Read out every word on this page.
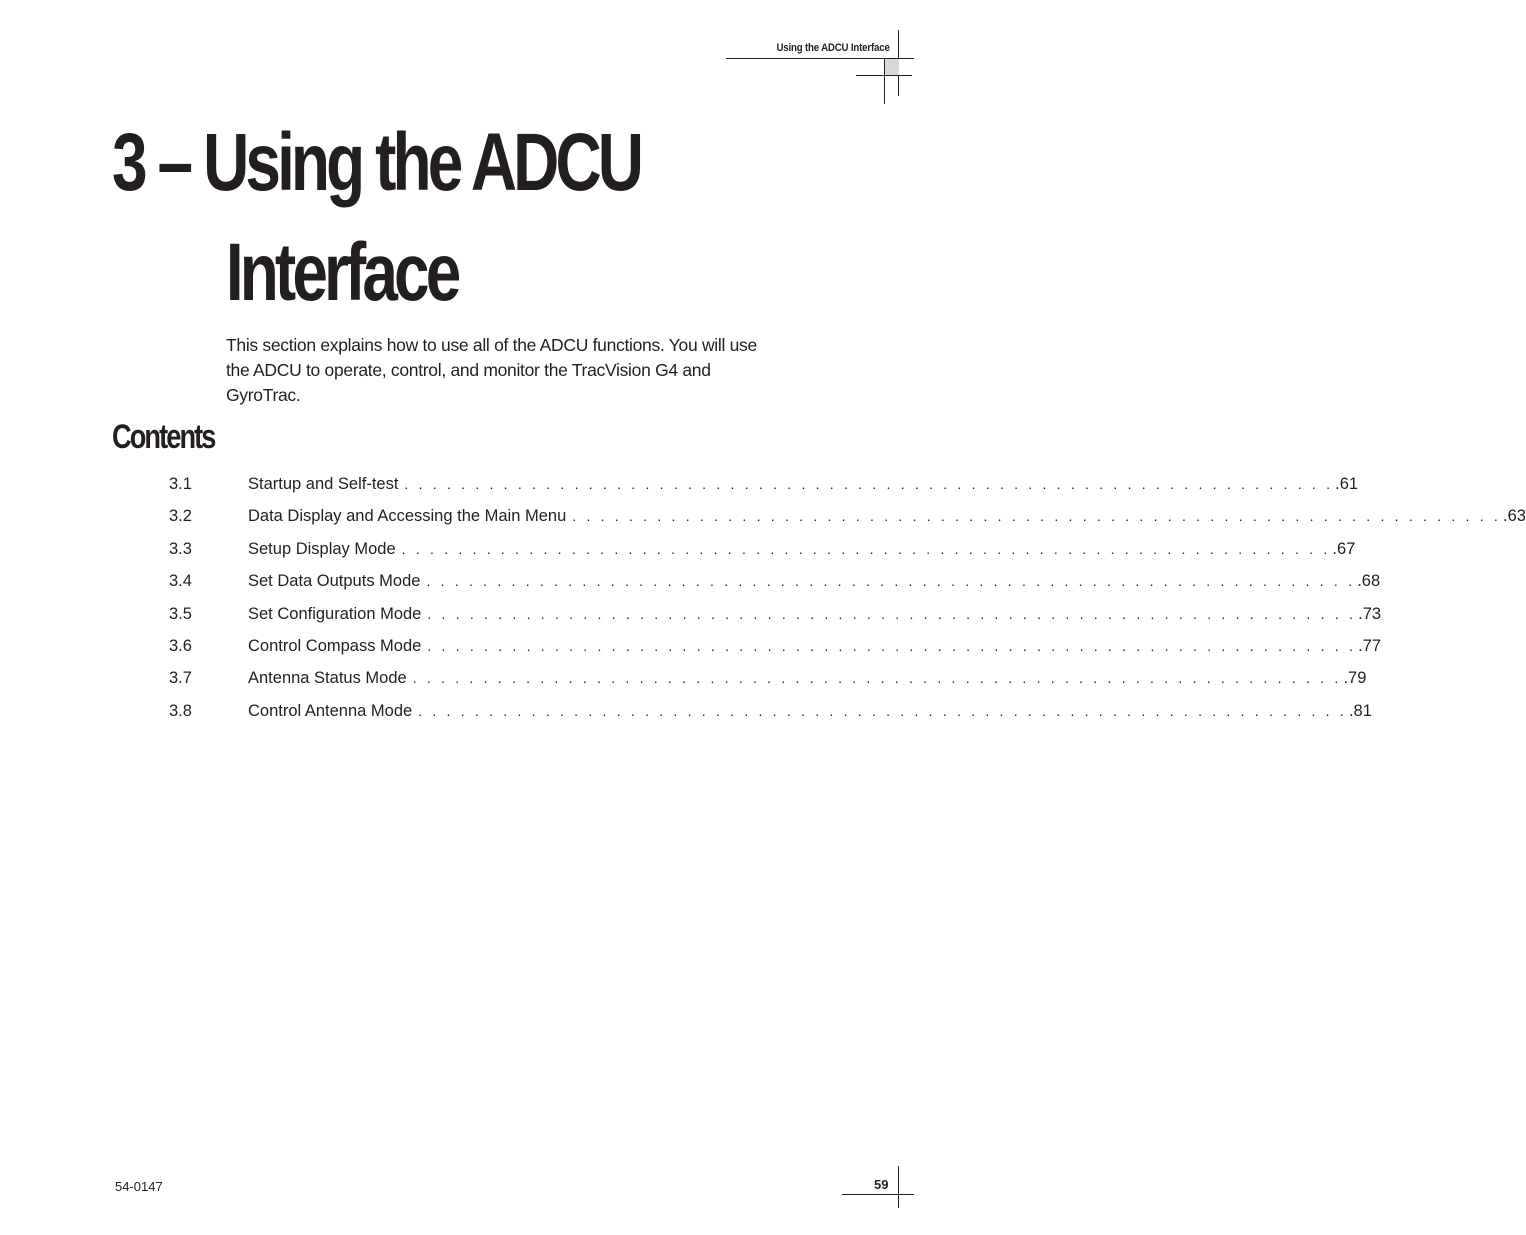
Using the ADCU Interface
3 – Using the ADCU
Interface

This section explains how to use all of the ADCU functions. You will use the ADCU to operate, control, and monitor the TracVision G4 and GyroTrac.

Contents
3.1	Startup and Self-test . . . . . . . . . . . . . . . . . . . . . . . . . . . . . . . . . . . . . . . . . . . . . . . . . . . . . . . . . . . . . . . . . . .61
3.2	Data Display and Accessing the Main Menu . . . . . . . . . . . . . . . . . . . . . . . . . . . . . . . . . . . . . . . . . . . . . . . . . . . . . . . . . . . . . . . . . . .63
3.3	Setup Display Mode . . . . . . . . . . . . . . . . . . . . . . . . . . . . . . . . . . . . . . . . . . . . . . . . . . . . . . . . . . . . . . . . . . .67
3.4	Set Data Outputs Mode . . . . . . . . . . . . . . . . . . . . . . . . . . . . . . . . . . . . . . . . . . . . . . . . . . . . . . . . . . . . . . . . . . .68
3.5	Set Configuration Mode . . . . . . . . . . . . . . . . . . . . . . . . . . . . . . . . . . . . . . . . . . . . . . . . . . . . . . . . . . . . . . . . . . .73
3.6	Control Compass Mode . . . . . . . . . . . . . . . . . . . . . . . . . . . . . . . . . . . . . . . . . . . . . . . . . . . . . . . . . . . . . . . . . . .77
3.7	Antenna Status Mode . . . . . . . . . . . . . . . . . . . . . . . . . . . . . . . . . . . . . . . . . . . . . . . . . . . . . . . . . . . . . . . . . . .79
3.8	Control Antenna Mode . . . . . . . . . . . . . . . . . . . . . . . . . . . . . . . . . . . . . . . . . . . . . . . . . . . . . . . . . . . . . . . . . . .81
54-0147	59
